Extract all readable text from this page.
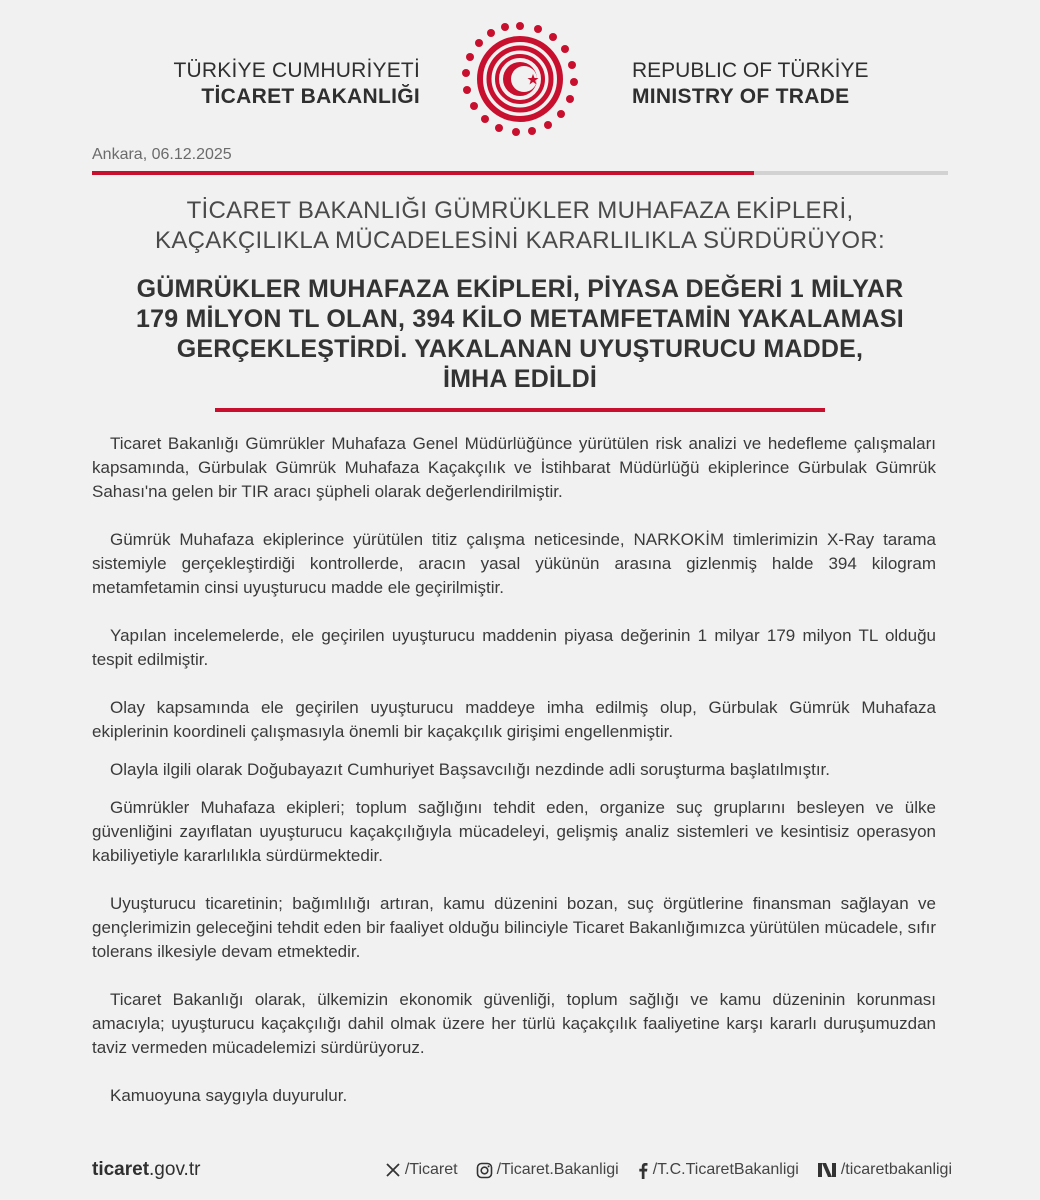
TÜRKİYE CUMHURİYETİ
TİCARET BAKANLIĞI
REPUBLIC OF TÜRKİYE
MINISTRY OF TRADE
Ankara, 06.12.2025
TİCARET BAKANLIĞI GÜMRÜKLER MUHAFAZA EKİPLERİ,
KAÇAKÇILIKLA MÜCADELESİNİ KARARLILIKLA SÜRDÜRÜYOR:
GÜMRÜKLER MUHAFAZA EKİPLERİ, PİYASA DEĞERİ 1 MİLYAR
179 MİLYON TL OLAN, 394 KİLO METAMFETAMİN YAKALAMASI
GERÇEKLEŞTİRDİ. YAKALANAN UYUŞTURUCU MADDE,
İMHA EDİLDİ

Ticaret Bakanlığı Gümrükler Muhafaza Genel Müdürlüğünce yürütülen risk analizi ve hedefleme çalışmaları kapsamında, Gürbulak Gümrük Muhafaza Kaçakçılık ve İstihbarat Müdürlüğü ekiplerince Gürbulak Gümrük Sahası'na gelen bir TIR aracı şüpheli olarak değerlendirilmiştir.

Gümrük Muhafaza ekiplerince yürütülen titiz çalışma neticesinde, NARKOKİM timlerimizin X-Ray tarama sistemiyle gerçekleştirdiği kontrollerde, aracın yasal yükünün arasına gizlenmiş halde 394 kilogram metamfetamin cinsi uyuşturucu madde ele geçirilmiştir.

Yapılan incelemelerde, ele geçirilen uyuşturucu maddenin piyasa değerinin 1 milyar 179 milyon TL olduğu tespit edilmiştir.

Olay kapsamında ele geçirilen uyuşturucu maddeye imha edilmiş olup, Gürbulak Gümrük Muhafaza ekiplerinin koordineli çalışmasıyla önemli bir kaçakçılık girişimi engellenmiştir.

Olayla ilgili olarak Doğubayazıt Cumhuriyet Başsavcılığı nezdinde adli soruşturma başlatılmıştır.

Gümrükler Muhafaza ekipleri; toplum sağlığını tehdit eden, organize suç gruplarını besleyen ve ülke güvenliğini zayıflatan uyuşturucu kaçakçılığıyla mücadeleyi, gelişmiş analiz sistemleri ve kesintisiz operasyon kabiliyetiyle kararlılıkla sürdürmektedir.

Uyuşturucu ticaretinin; bağımlılığı artıran, kamu düzenini bozan, suç örgütlerine finansman sağlayan ve gençlerimizin geleceğini tehdit eden bir faaliyet olduğu bilinciyle Ticaret Bakanlığımızca yürütülen mücadele, sıfır tolerans ilkesiyle devam etmektedir.

Ticaret Bakanlığı olarak, ülkemizin ekonomik güvenliği, toplum sağlığı ve kamu düzeninin korunması amacıyla; uyuşturucu kaçakçılığı dahil olmak üzere her türlü kaçakçılık faaliyetine karşı kararlı duruşumuzdan taviz vermeden mücadelemizi sürdürüyoruz.

Kamuoyuna saygıyla duyurulur.

ticaret.gov.tr	/Ticaret /Ticaret.Bakanligi /T.C.TicaretBakanligi	/ticaretbakanligi
